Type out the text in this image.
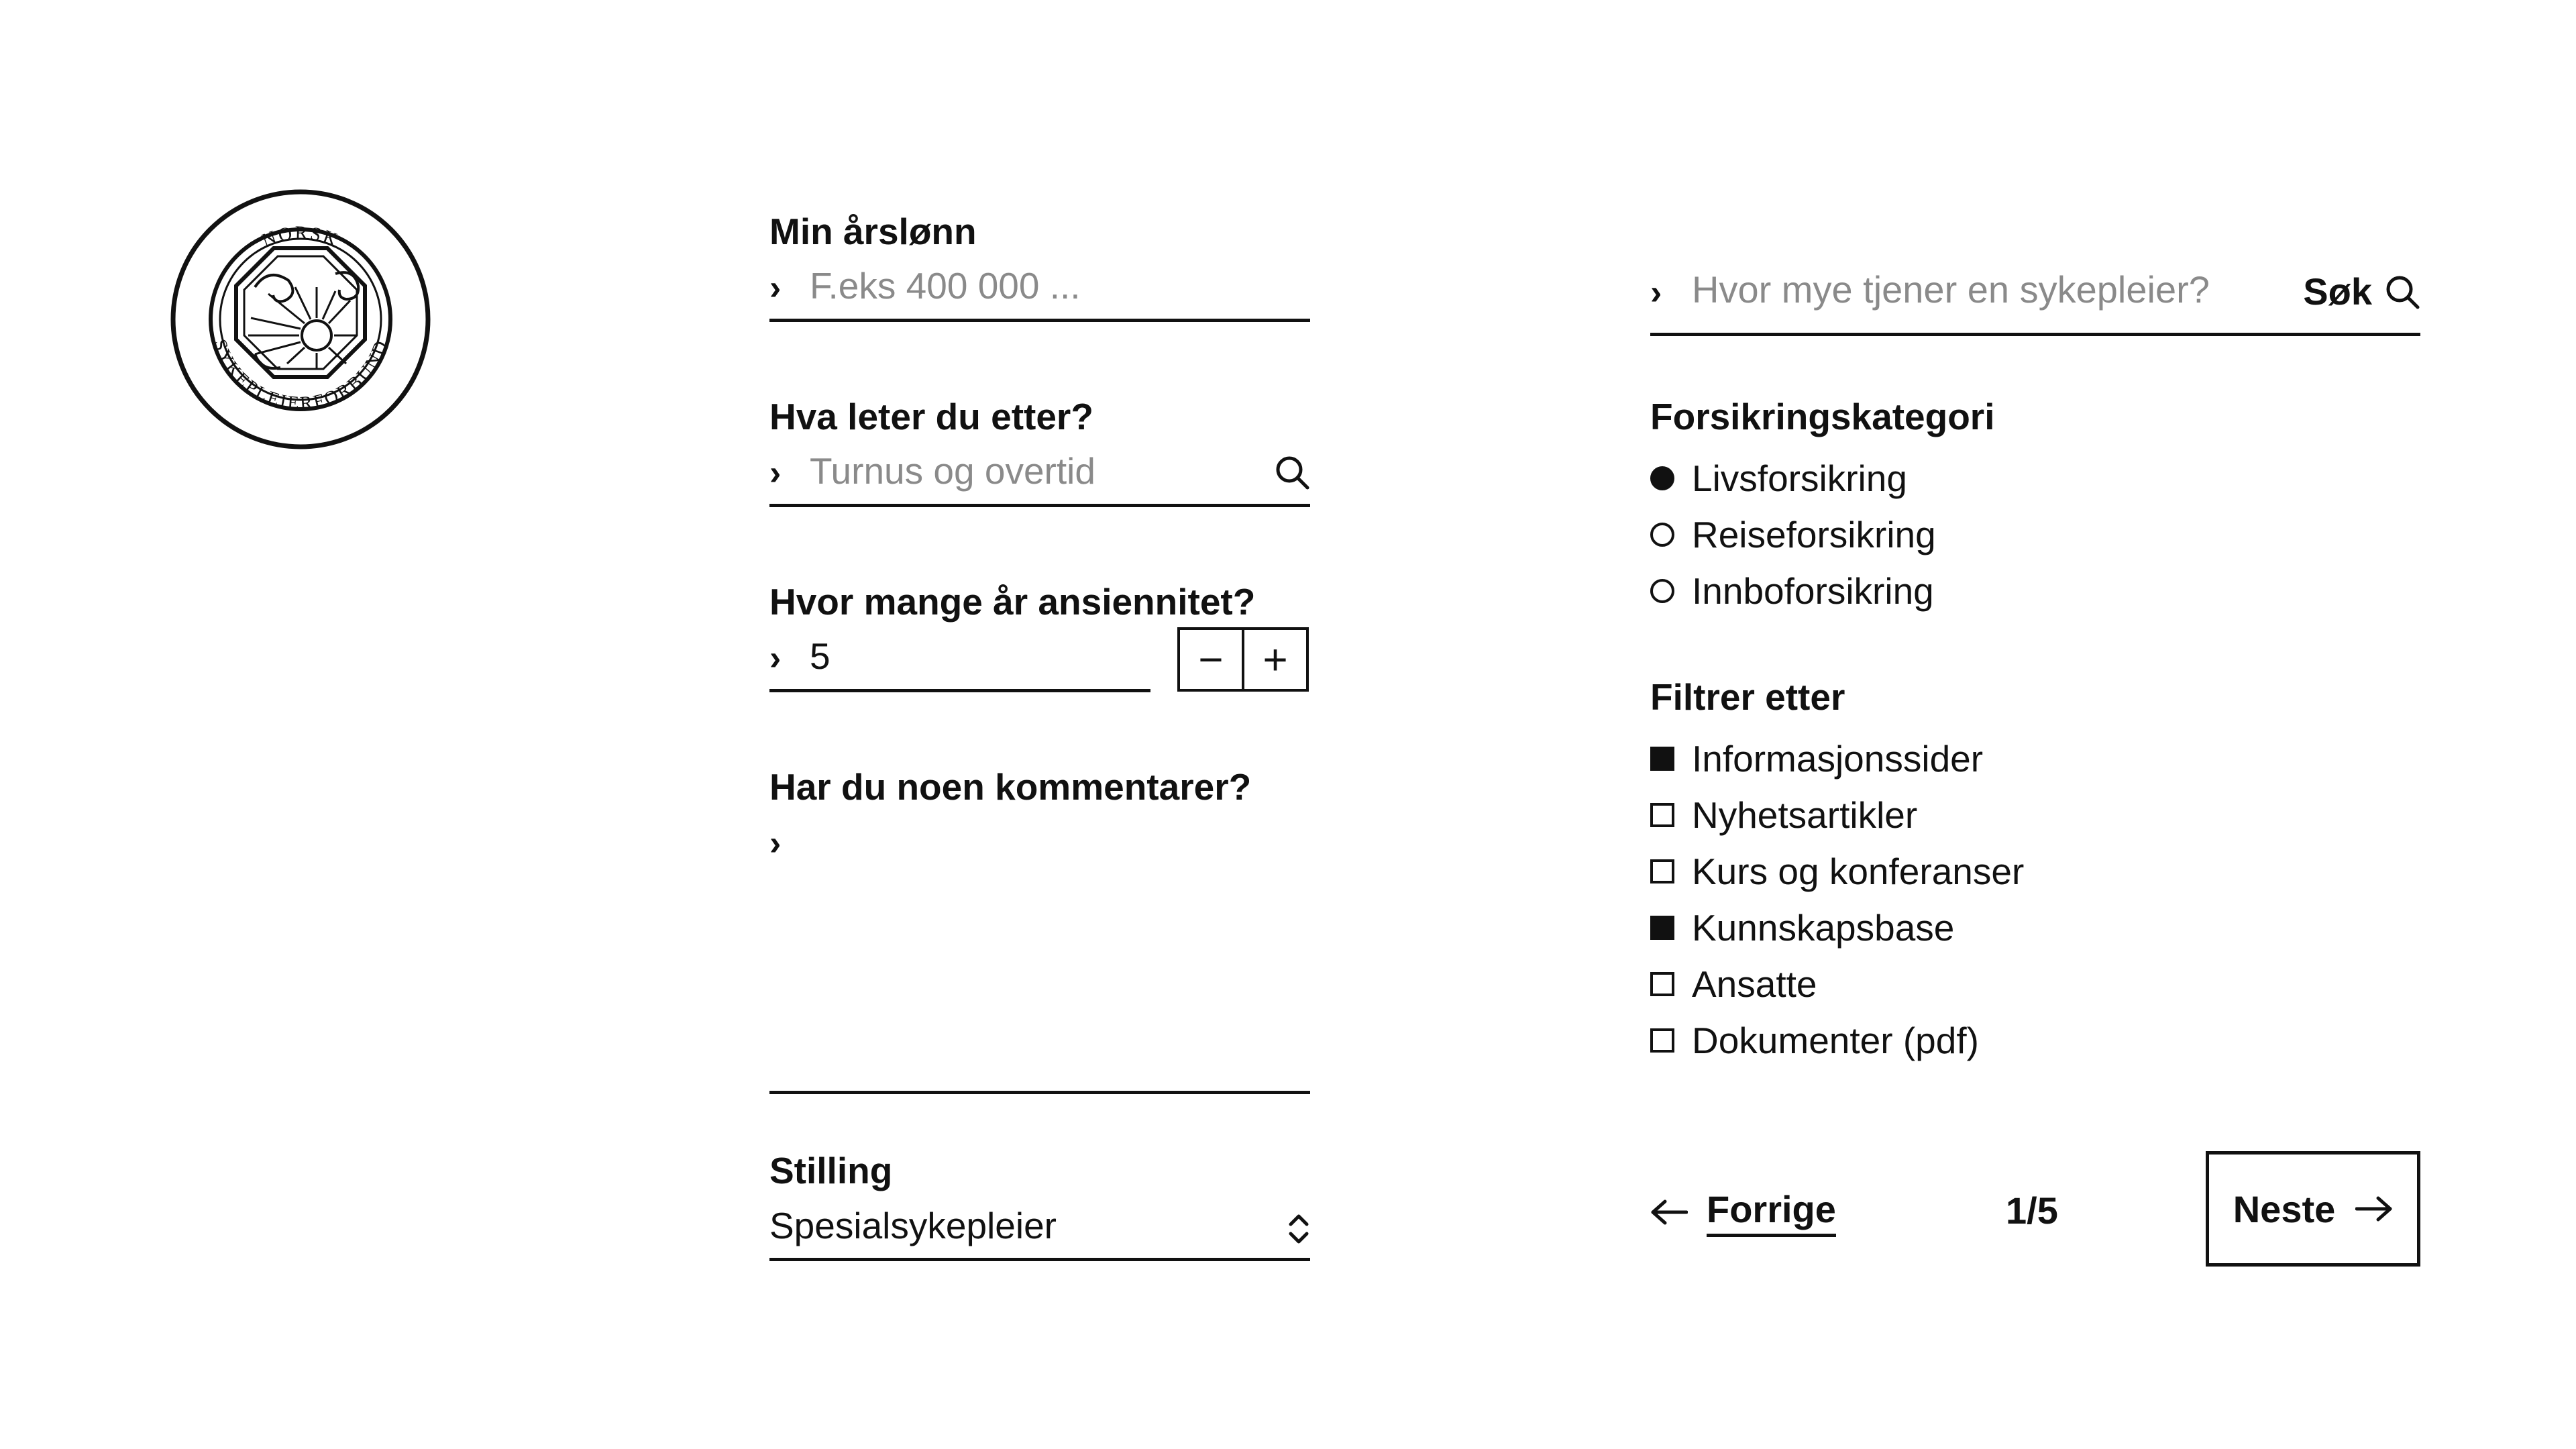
NORSK
SYKEPLEIERFORBUND
Min årslønn
›
F.eks 400 000 ...
Hva leter du etter?
›
Turnus og overtid
Hvor mange år ansiennitet?
›
5	− +
Har du noen kommentarer?
›
Stilling
Spesialsykepleier
›
Hvor mye tjener en sykepleier?	Søk
Forsikringskategori
Livsforsikring
Reiseforsikring
Innboforsikring
Filtrer etter
Informasjonssider
Nyhetsartikler
Kurs og konferanser
Kunnskapsbase
Ansatte
Dokumenter (pdf)
Forrige	1/5	Neste
